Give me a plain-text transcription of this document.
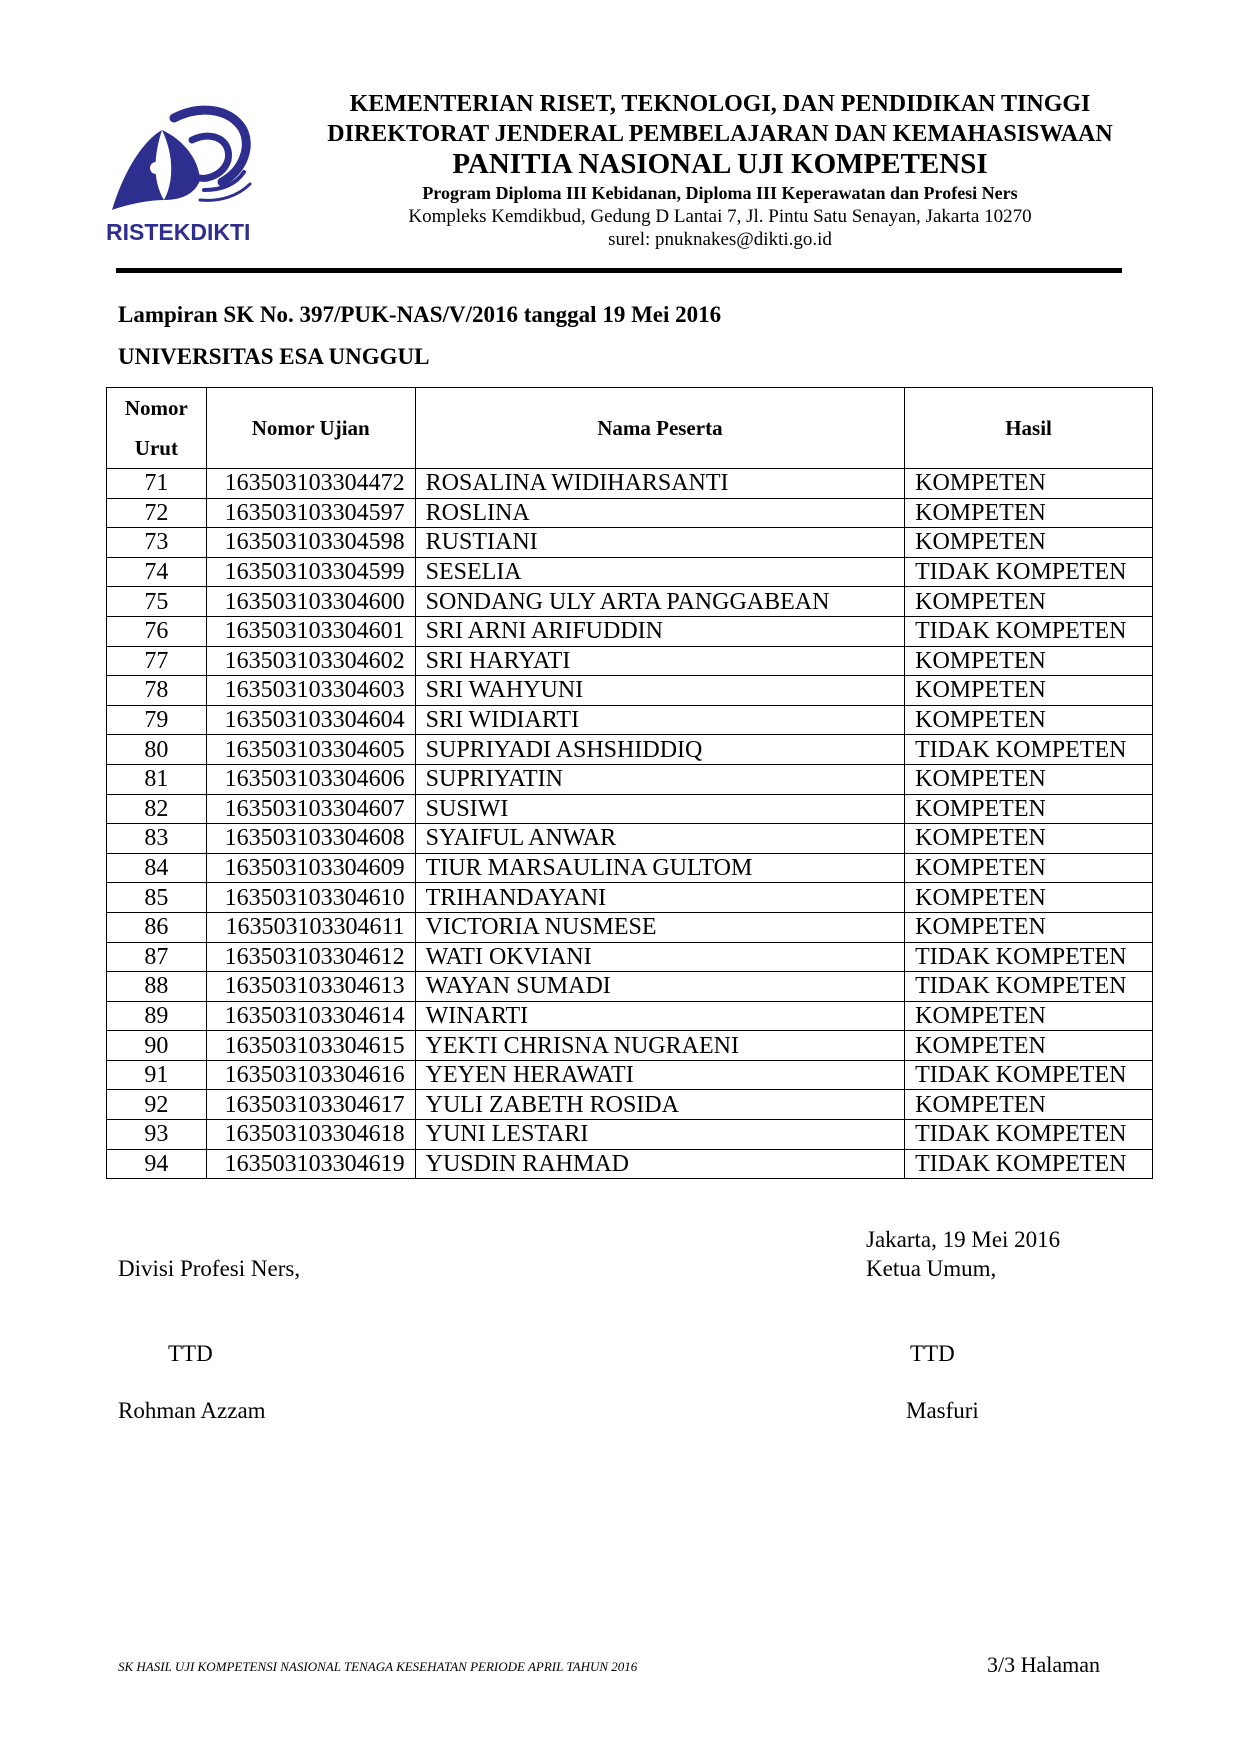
RISTEKDIKTI
KEMENTERIAN RISET, TEKNOLOGI, DAN PENDIDIKAN TINGGI
DIREKTORAT JENDERAL PEMBELAJARAN DAN KEMAHASISWAAN
PANITIA NASIONAL UJI KOMPETENSI
Program Diploma III Kebidanan, Diploma III Keperawatan dan Profesi Ners
Kompleks Kemdikbud, Gedung D Lantai 7, Jl. Pintu Satu Senayan, Jakarta 10270
surel: pnuknakes@dikti.go.id
Lampiran SK No. 397/PUK-NAS/V/2016 tanggal 19 Mei 2016
UNIVERSITAS ESA UNGGUL
Nomor
Urut	Nomor Ujian	Nama Peserta	Hasil
71	163503103304472	ROSALINA WIDIHARSANTI	KOMPETEN
72	163503103304597	ROSLINA	KOMPETEN
73	163503103304598	RUSTIANI	KOMPETEN
74	163503103304599	SESELIA	TIDAK KOMPETEN
75	163503103304600	SONDANG ULY ARTA PANGGABEAN	KOMPETEN
76	163503103304601	SRI ARNI ARIFUDDIN	TIDAK KOMPETEN
77	163503103304602	SRI HARYATI	KOMPETEN
78	163503103304603	SRI WAHYUNI	KOMPETEN
79	163503103304604	SRI WIDIARTI	KOMPETEN
80	163503103304605	SUPRIYADI ASHSHIDDIQ	TIDAK KOMPETEN
81	163503103304606	SUPRIYATIN	KOMPETEN
82	163503103304607	SUSIWI	KOMPETEN
83	163503103304608	SYAIFUL ANWAR	KOMPETEN
84	163503103304609	TIUR MARSAULINA GULTOM	KOMPETEN
85	163503103304610	TRIHANDAYANI	KOMPETEN
86	163503103304611	VICTORIA NUSMESE	KOMPETEN
87	163503103304612	WATI OKVIANI	TIDAK KOMPETEN
88	163503103304613	WAYAN SUMADI	TIDAK KOMPETEN
89	163503103304614	WINARTI	KOMPETEN
90	163503103304615	YEKTI CHRISNA NUGRAENI	KOMPETEN
91	163503103304616	YEYEN HERAWATI	TIDAK KOMPETEN
92	163503103304617	YULI ZABETH ROSIDA	KOMPETEN
93	163503103304618	YUNI LESTARI	TIDAK KOMPETEN
94	163503103304619	YUSDIN RAHMAD	TIDAK KOMPETEN
Jakarta, 19 Mei 2016
Divisi Profesi Ners,	Ketua Umum,
TTD	TTD
Rohman Azzam	Masfuri
SK HASIL UJI KOMPETENSI NASIONAL TENAGA KESEHATAN PERIODE APRIL TAHUN 2016	3/3 Halaman
